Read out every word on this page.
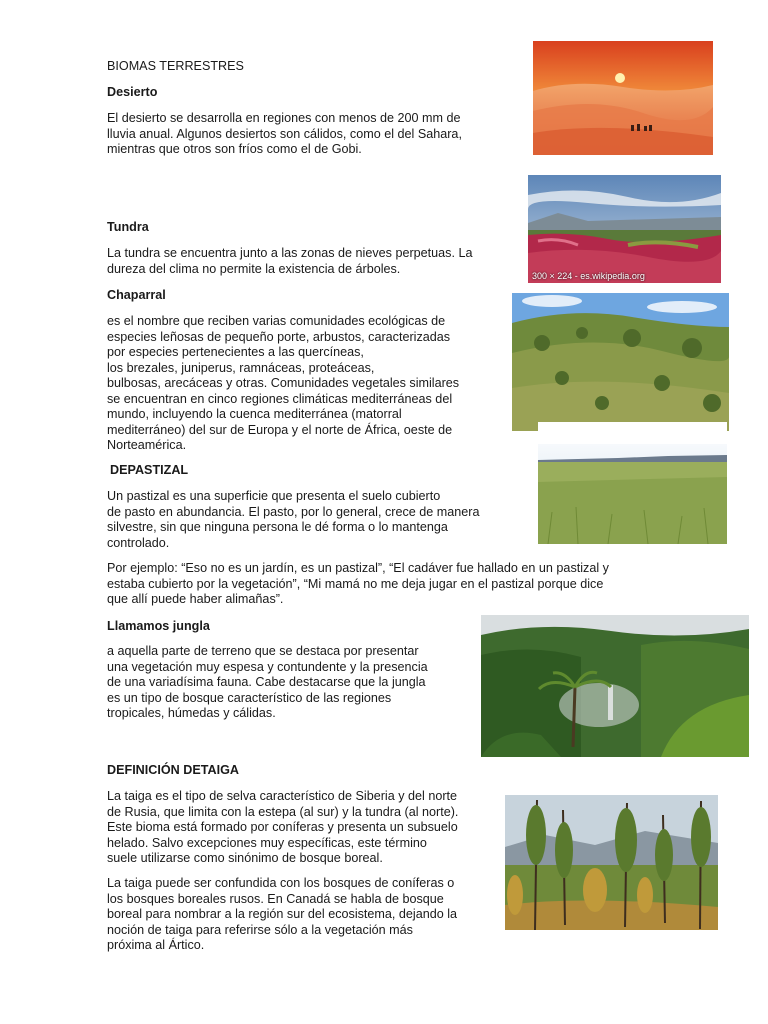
BIOMAS TERRESTRES
Desierto
El desierto se desarrolla en regiones con menos de 200 mm de
lluvia anual. Algunos desiertos son cálidos, como el del Sahara,
mientras que otros son fríos como el de Gobi.
300 × 224 - es.wikipedia.org
Tundra
La tundra se encuentra junto a las zonas de nieves perpetuas. La
dureza del clima no permite la existencia de árboles.
Chaparral
es el nombre que reciben varias comunidades ecológicas de
especies leñosas de pequeño porte, arbustos, caracterizadas
por especies pertenecientes a las quercíneas,
los brezales, juniperus, ramnáceas, proteáceas,
bulbosas, arecáceas y otras. Comunidades vegetales similares
se encuentran en cinco regiones climáticas mediterráneas del
mundo, incluyendo la cuenca mediterránea (matorral
mediterráneo) del sur de Europa y el norte de África, oeste de
Norteamérica.
DEPASTIZAL
Un pastizal es una superficie que presenta el suelo cubierto
de pasto en abundancia. El pasto, por lo general, crece de manera
silvestre, sin que ninguna persona le dé forma o lo mantenga
controlado.
Por ejemplo: “Eso no es un jardín, es un pastizal”, “El cadáver fue hallado en un pastizal y
estaba cubierto por la vegetación”, “Mi mamá no me deja jugar en el pastizal porque dice
que allí puede haber alimañas”.
Llamamos jungla
a aquella parte de terreno que se destaca por presentar
una vegetación muy espesa y contundente y la presencia
de una variadísima fauna. Cabe destacarse que la jungla
es un tipo de bosque característico de las regiones
tropicales, húmedas y cálidas.
DEFINICIÓN DETAIGA
La taiga es el tipo de selva característico de Siberia y del norte
de Rusia, que limita con la estepa (al sur) y la tundra (al norte).
Este bioma está formado por coníferas y presenta un subsuelo
helado. Salvo excepciones muy específicas, este término
suele utilizarse como sinónimo de bosque boreal.
La taiga puede ser confundida con los bosques de coníferas o
los bosques boreales rusos. En Canadá se habla de bosque
boreal para nombrar a la región sur del ecosistema, dejando la
noción de taiga para referirse sólo a la vegetación más
próxima al Ártico.
